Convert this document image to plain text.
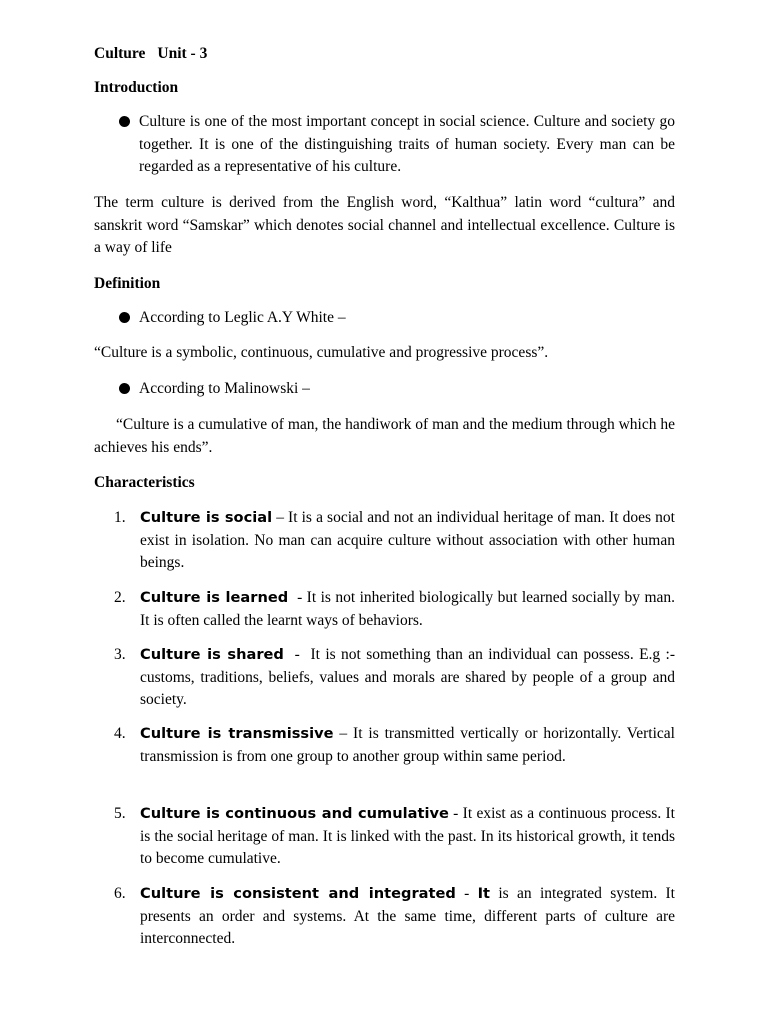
Culture Unit - 3
Introduction
Culture is one of the most important concept in social science. Culture and society go together. It is one of the distinguishing traits of human society. Every man can be regarded as a representative of his culture.
The term culture is derived from the English word, “Kalthua” latin word “cultura” and sanskrit word “Samskar” which denotes social channel and intellectual excellence. Culture is a way of life
Definition
According to Leglic A.Y White –
“Culture is a symbolic, continuous, cumulative and progressive process”.
According to Malinowski –
“Culture is a cumulative of man, the handiwork of man and the medium through which he achieves his ends”.
Characteristics
1. Culture is social – It is a social and not an individual heritage of man. It does not exist in isolation. No man can acquire culture without association with other human beings.
2. Culture is learned  - It is not inherited biologically but learned socially by man. It is often called the learnt ways of behaviors.
3. Culture is shared  -  It is not something than an individual can possess. E.g :- customs, traditions, beliefs, values and morals are shared by people of a group and society.
4. Culture is transmissive – It is transmitted vertically or horizontally. Vertical transmission is from one group to another group within same period.
5. Culture is continuous and cumulative - It exist as a continuous process. It is the social heritage of man. It is linked with the past. In its historical growth, it tends to become cumulative.
6. Culture is consistent and integrated - It is an integrated system. It presents an order and systems. At the same time, different parts of culture are interconnected.
